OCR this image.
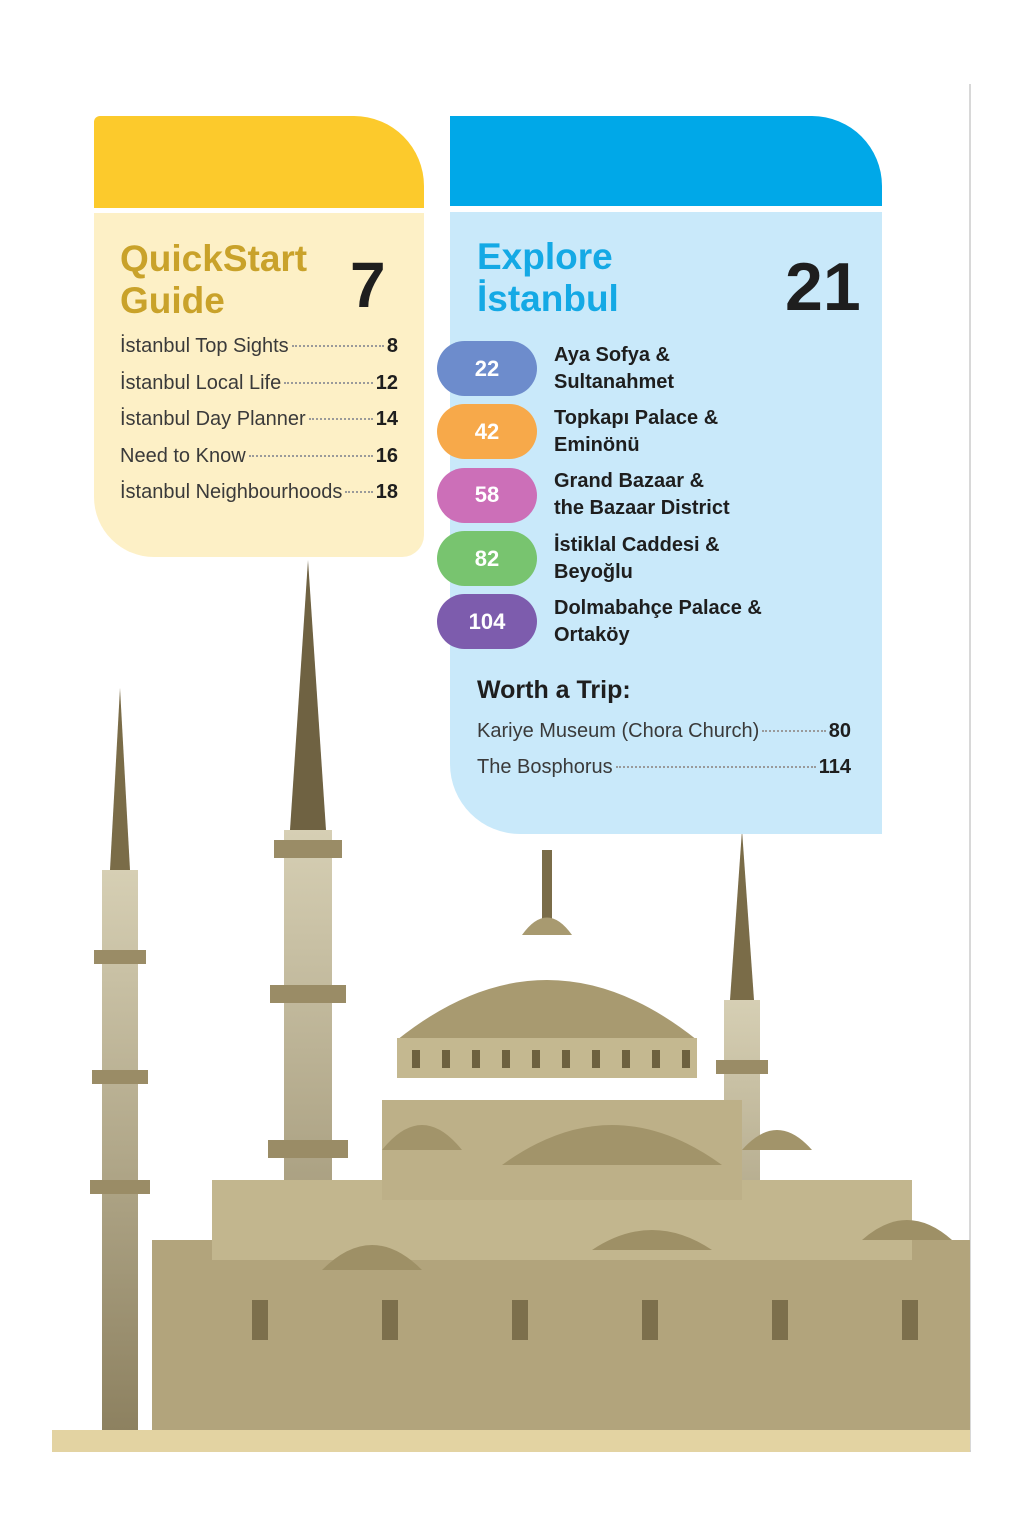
QuickStart
Guide	7
İstanbul Top Sights	8
İstanbul Local Life	12
İstanbul Day Planner	14
Need to Know	16
İstanbul Neighbourhoods 18
Explore
İstanbul	21
22
Aya Sofya &
Sultanahmet
42
Topkapı Palace &
Eminönü
58
Grand Bazaar &
the Bazaar District
82
İstiklal Caddesi &
Beyoğlu
104
Dolmabahçe Palace &
Ortaköy
Worth a Trip:
Kariye Museum (Chora Church)	80
The Bosphorus	114
